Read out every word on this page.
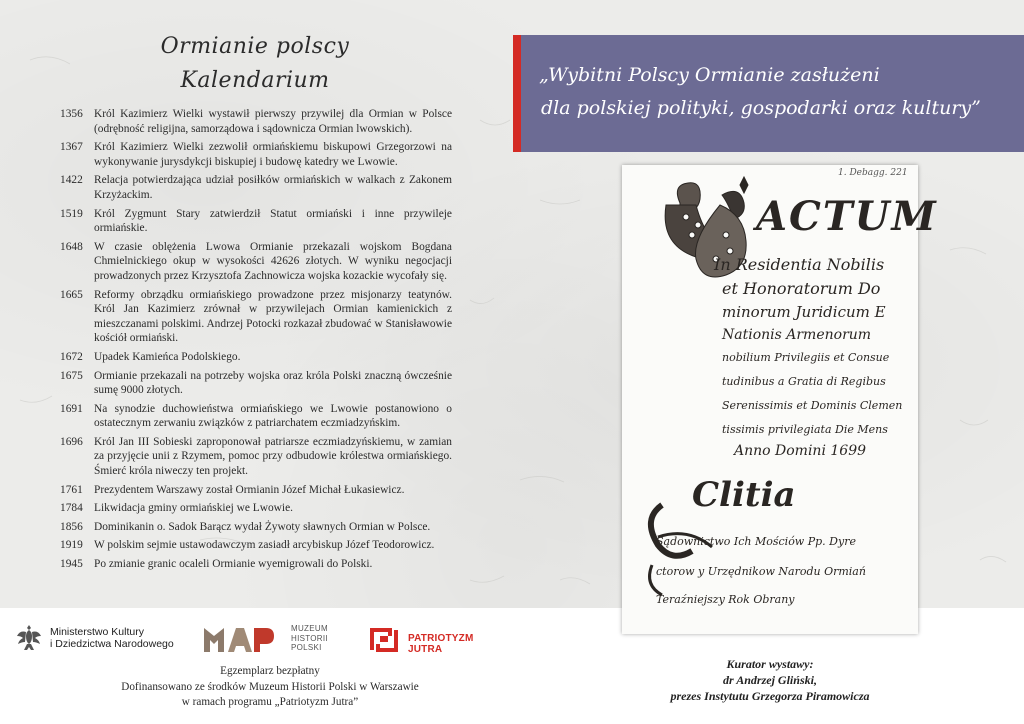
Ormianie polscy
Kalendarium
1356 Król Kazimierz Wielki wystawił pierwszy przywilej dla Ormian w Polsce (odrębność religijna, samorządowa i sądownicza Ormian lwowskich).
1367 Król Kazimierz Wielki zezwolił ormiańskiemu biskupowi Grzegorzowi na wykonywanie jurysdykcji biskupiej i budowę katedry we Lwowie.
1422 Relacja potwierdzająca udział posiłków ormiańskich w walkach z Zakonem Krzyżackim.
1519 Król Zygmunt Stary zatwierdził Statut ormiański i inne przywileje ormiańskie.
1648 W czasie oblężenia Lwowa Ormianie przekazali wojskom Bogdana Chmielnickiego okup w wysokości 42626 złotych. W wyniku negocjacji prowadzonych przez Krzysztofa Zachnowicza wojska kozackie wycofały się.
1665 Reformy obrządku ormiańskiego prowadzone przez misjonarzy teatynów. Król Jan Kazimierz zrównał w przywilejach Ormian kamienickich z mieszczanami polskimi. Andrzej Potocki rozkazał zbudować w Stanisławowie kościół ormiański.
1672 Upadek Kamieńca Podolskiego.
1675 Ormianie przekazali na potrzeby wojska oraz króla Polski znaczną ówcześnie sumę 9000 złotych.
1691 Na synodzie duchowieństwa ormiańskiego we Lwowie postanowiono o ostatecznym zerwaniu związków z patriarchatem eczmiadzyńskim.
1696 Król Jan III Sobieski zaproponował patriarsze eczmiadzyńskiemu, w zamian za przyjęcie unii z Rzymem, pomoc przy odbudowie królestwa ormiańskiego. Śmierć króla niweczy ten projekt.
1761 Prezydentem Warszawy został Ormianin Józef Michał Łukasiewicz.
1784 Likwidacja gminy ormiańskiej we Lwowie.
1856 Dominikanin o. Sadok Barącz wydał Żywoty sławnych Ormian w Polsce.
1919 W polskim sejmie ustawodawczym zasiadł arcybiskup Józef Teodorowicz.
1945 Po zmianie granic ocaleli Ormianie wyemigrowali do Polski.
„Wybitni Polscy Ormianie zasłużeni
dla polskiej polityki, gospodarki oraz kultury”
1. Debagg. 221
ACTUM
In Residentia Nobilis
et Honoratorum Do
minorum Juridicum E
Nationis Armenorum
nobilium Privilegiis et Consue
tudinibus a Gratia di Regibus
Serenissimis et Dominis Clemen
tissimis privilegiata Die Mens
Anno Domini 1699
Clitia
Sądownictwo Ich Mościów Pp. Dyre
ctorow y Urzędnikow Narodu Ormiań
Teraźniejszy Rok Obrany
Ministerstwo Kultury
i Dziedzictwa Narodowego
MUZEUM
HISTORII
POLSKI
PATRIOTYZM JUTRA
Egzemplarz bezpłatny
Dofinansowano ze środków Muzeum Historii Polski w Warszawie
w ramach programu „Patriotyzm Jutra”
Kurator wystawy:
dr Andrzej Gliński,
prezes Instytutu Grzegorza Piramowicza
